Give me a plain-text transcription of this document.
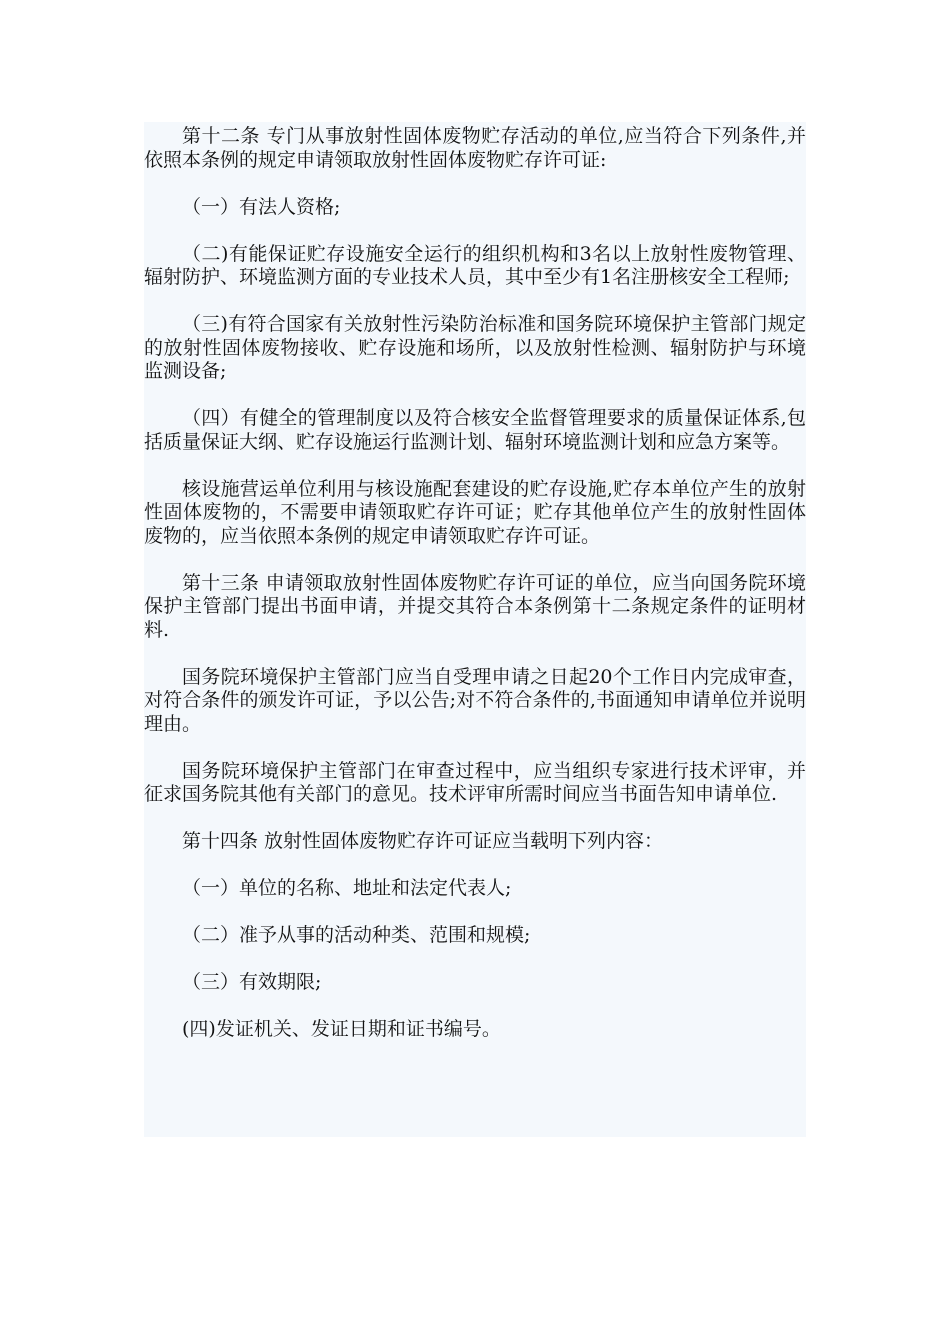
第十二条 专门从事放射性固体废物贮存活动的单位,应当符合下列条件,并依照本条例的规定申请领取放射性固体废物贮存许可证:

（一）有法人资格;

（二)有能保证贮存设施安全运行的组织机构和3名以上放射性废物管理、辐射防护、环境监测方面的专业技术人员，其中至少有1名注册核安全工程师;

（三)有符合国家有关放射性污染防治标准和国务院环境保护主管部门规定的放射性固体废物接收、贮存设施和场所，以及放射性检测、辐射防护与环境监测设备;

（四）有健全的管理制度以及符合核安全监督管理要求的质量保证体系,包括质量保证大纲、贮存设施运行监测计划、辐射环境监测计划和应急方案等。

核设施营运单位利用与核设施配套建设的贮存设施,贮存本单位产生的放射性固体废物的，不需要申请领取贮存许可证；贮存其他单位产生的放射性固体废物的，应当依照本条例的规定申请领取贮存许可证。

第十三条 申请领取放射性固体废物贮存许可证的单位，应当向国务院环境保护主管部门提出书面申请，并提交其符合本条例第十二条规定条件的证明材料.

国务院环境保护主管部门应当自受理申请之日起20个工作日内完成审查，对符合条件的颁发许可证，予以公告;对不符合条件的,书面通知申请单位并说明理由。

国务院环境保护主管部门在审查过程中，应当组织专家进行技术评审，并征求国务院其他有关部门的意见。技术评审所需时间应当书面告知申请单位.

第十四条 放射性固体废物贮存许可证应当载明下列内容：

（一）单位的名称、地址和法定代表人;

（二）准予从事的活动种类、范围和规模;

（三）有效期限;

(四)发证机关、发证日期和证书编号。
